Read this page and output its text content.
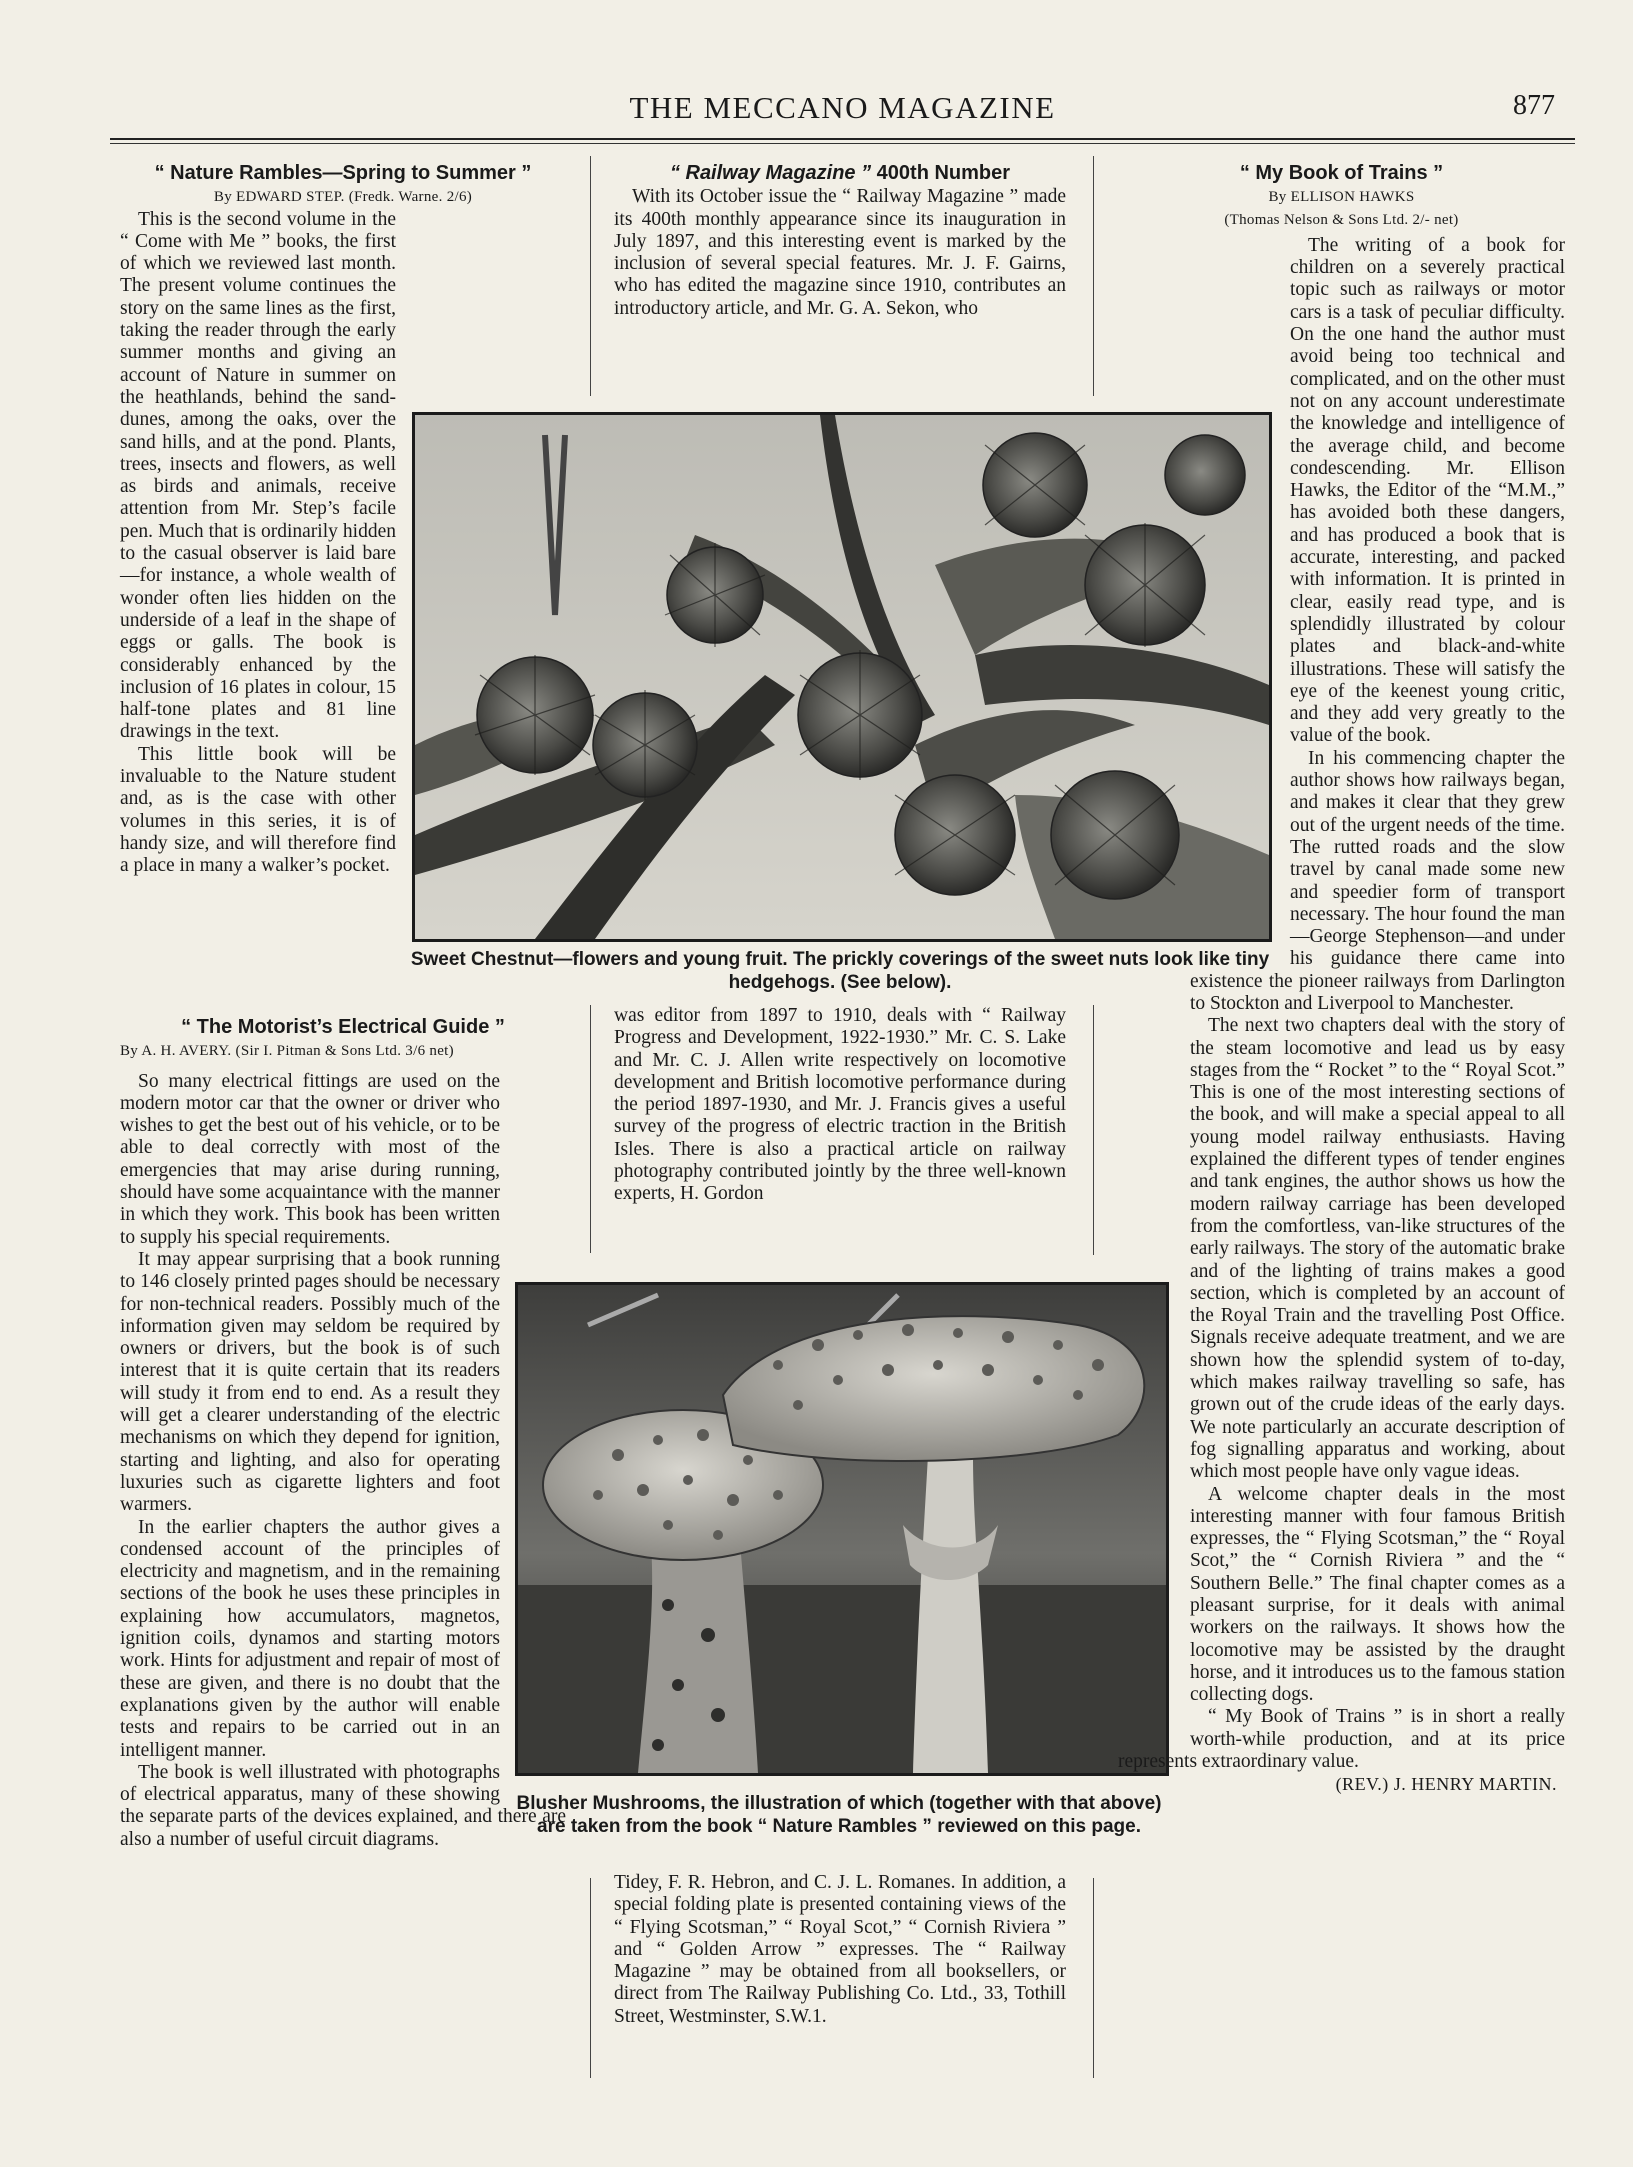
THE MECCANO MAGAZINE	877
“ Nature Rambles—Spring to Summer ”

By EDWARD STEP. (Fredk. Warne. 2/6)

This is the second volume in the “ Come with Me ” books, the first of which we reviewed last month. The present volume continues the story on the same lines as the first, taking the reader through the early summer months and giving an account of Nature in summer on the heathlands, behind the sand-dunes, among the oaks, over the sand hills, and at the pond. Plants, trees, insects and flowers, as well as birds and animals, receive attention from Mr. Step’s facile pen. Much that is ordinarily hidden to the casual observer is laid bare—for instance, a whole wealth of wonder often lies hidden on the underside of a leaf in the shape of eggs or galls. The book is considerably enhanced by the inclusion of 16 plates in colour, 15 half-tone plates and 81 line drawings in the text.

This little book will be invaluable to the Nature student and, as is the case with other volumes in this series, it is of handy size, and will therefore find a place in many a walker’s pocket.

Sweet Chestnut—flowers and young fruit. The prickly coverings of the sweet nuts look like tiny hedgehogs. (See below).
“ The Motorist’s Electrical Guide ”

By A. H. AVERY. (Sir I. Pitman & Sons Ltd. 3/6 net)

So many electrical fittings are used on the modern motor car that the owner or driver who wishes to get the best out of his vehicle, or to be able to deal correctly with most of the emergencies that may arise during running, should have some acquaintance with the manner in which they work. This book has been written to supply his special requirements.

It may appear surprising that a book running to 146 closely printed pages should be necessary for non-technical readers. Possibly much of the information given may seldom be required by owners or drivers, but the book is of such interest that it is quite certain that its readers will study it from end to end. As a result they will get a clearer understanding of the electric mechanisms on which they depend for ignition, starting and lighting, and also for operating luxuries such as cigarette lighters and foot warmers.

In the earlier chapters the author gives a condensed account of the principles of electricity and magnetism, and in the remaining sections of the book he uses these principles in explaining how accumulators, magnetos, ignition coils, dynamos and starting motors work. Hints for adjustment and repair of most of these are given, and there is no doubt that the explanations given by the author will enable tests and repairs to be carried out in an intelligent manner.

The book is well illustrated with photographs of electrical apparatus, many of these showing the separate parts of the devices explained, and there are also a number of useful circuit diagrams.

“ Railway Magazine ” 400th Number

With its October issue the “ Railway Magazine ” made its 400th monthly appearance since its inauguration in July 1897, and this interesting event is marked by the inclusion of several special features. Mr. J. F. Gairns, who has edited the magazine since 1910, contributes an introductory article, and Mr. G. A. Sekon, who

was editor from 1897 to 1910, deals with “ Railway Progress and Development, 1922-1930.” Mr. C. S. Lake and Mr. C. J. Allen write respectively on locomotive development and British locomotive performance during the period 1897-1930, and Mr. J. Francis gives a useful survey of the progress of electric traction in the British Isles. There is also a practical article on railway photography contributed jointly by the three well-known experts, H. Gordon

Blusher Mushrooms, the illustration of which (together with that above) are taken from the book “ Nature Rambles ” reviewed on this page.

Tidey, F. R. Hebron, and C. J. L. Romanes. In addition, a special folding plate is presented containing views of the “ Flying Scotsman,” “ Royal Scot,” “ Cornish Riviera ” and “ Golden Arrow ” expresses. The “ Railway Magazine ” may be obtained from all booksellers, or direct from The Railway Publishing Co. Ltd., 33, Tothill Street, Westminster, S.W.1.

“ My Book of Trains ”

By ELLISON HAWKS

(Thomas Nelson & Sons Ltd. 2/- net)

The writing of a book for children on a severely practical topic such as railways or motor cars is a task of peculiar difficulty. On the one hand the author must avoid being too technical and complicated, and on the other must not on any account underestimate the knowledge and intelligence of the average child, and become condescending. Mr. Ellison Hawks, the Editor of the “M.M.,” has avoided both these dangers, and has produced a book that is accurate, interesting, and packed with information. It is printed in clear, easily read type, and is splendidly illustrated by colour plates and black-and-white illustrations. These will satisfy the eye of the keenest young critic, and they add very greatly to the value of the book.

In his commencing chapter the author shows how railways began, and makes it clear that they grew out of the urgent needs of the time. The rutted roads and the slow travel by canal made some new and speedier form of transport necessary. The hour found the man—George Stephenson—and under his guidance there came into existence the pioneer railways from Darlington to Stockton and Liverpool to Manchester.

The next two chapters deal with the story of the steam locomotive and lead us by easy stages from the “ Rocket ” to the “ Royal Scot.” This is one of the most interesting sections of the book, and will make a special appeal to all young model railway enthusiasts. Having explained the different types of tender engines and tank engines, the author shows us how the modern railway carriage has been developed from the comfortless, van-like structures of the early railways. The story of the automatic brake and of the lighting of trains makes a good section, which is completed by an account of the Royal Train and the travelling Post Office. Signals receive adequate treatment, and we are shown how the splendid system of to-day, which makes railway travelling so safe, has grown out of the crude ideas of the early days. We note particularly an accurate description of fog signalling apparatus and working, about which most people have only vague ideas.

A welcome chapter deals in the most interesting manner with four famous British expresses, the “ Flying Scotsman,” the “ Royal Scot,” the “ Cornish Riviera ” and the “ Southern Belle.” The final chapter comes as a pleasant surprise, for it deals with animal workers on the railways. It shows how the locomotive may be assisted by the draught horse, and it introduces us to the famous station collecting dogs.

“ My Book of Trains ” is in short a really worth-while production, and at its price represents extraordinary value.

(REV.) J. HENRY MARTIN.
